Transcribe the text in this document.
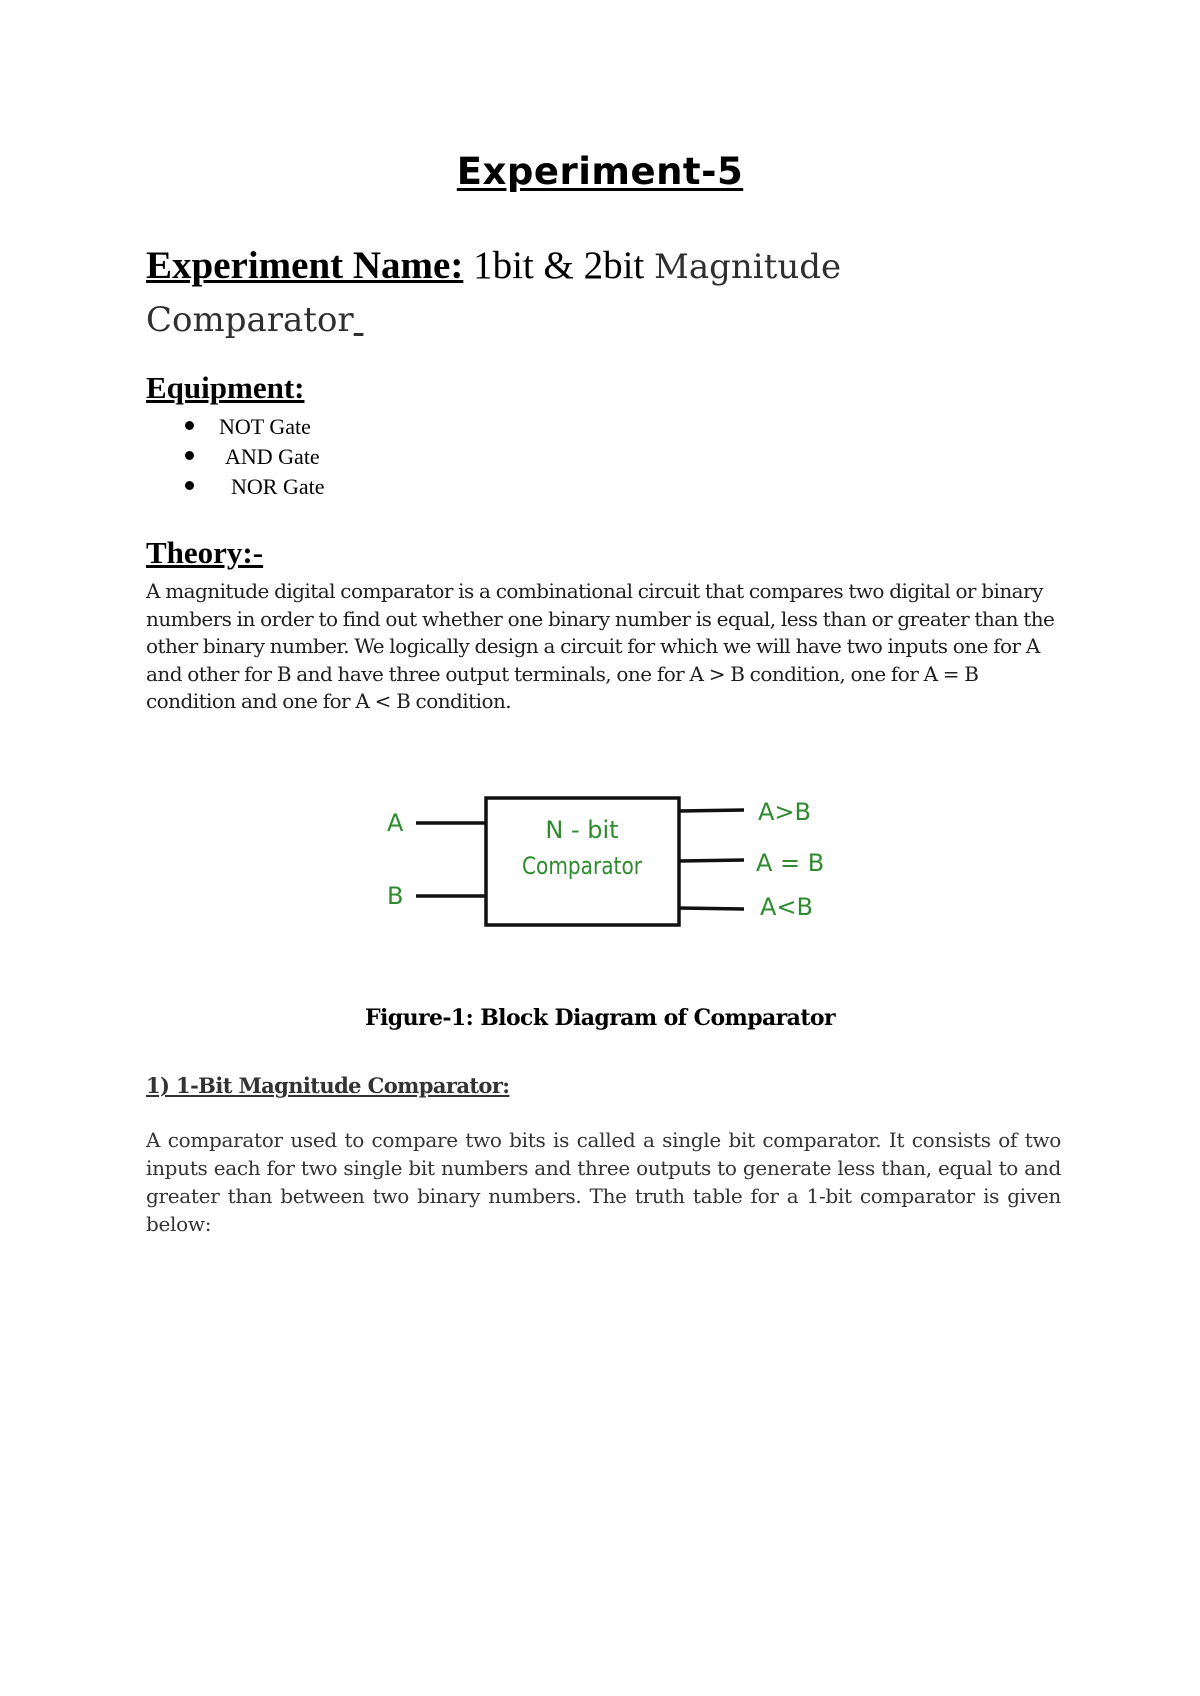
Experiment-5
Experiment Name: 1bit & 2bit Magnitude Comparator
Equipment:
NOT Gate
AND Gate
NOR Gate
Theory:-
A magnitude digital comparator is a combinational circuit that compares two digital or binary numbers in order to find out whether one binary number is equal, less than or greater than the other binary number. We logically design a circuit for which we will have two inputs one for A and other for B and have three output terminals, one for A > B condition, one for A = B condition and one for A < B condition.
A
B
N - bit
Comparator
A>B
A = B
A<B
Figure-1: Block Diagram of Comparator
1) 1-Bit Magnitude Comparator:
A comparator used to compare two bits is called a single bit comparator. It consists of two inputs each for two single bit numbers and three outputs to generate less than, equal to and greater than between two binary numbers. The truth table for a 1-bit comparator is given below:
